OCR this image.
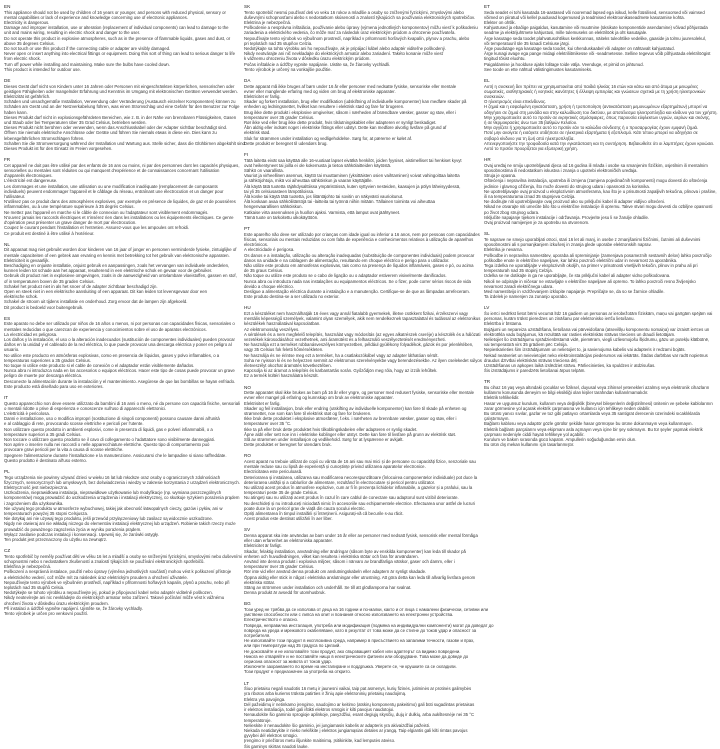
EN
This appliance should not be used by children of 16 years or younger, and persons with reduced physical, sensory or
mental capabilities or lack of experience and knowledge concerning use of electronic appliances.
Electricity is dangerous.
Damage and improper installation, use or alteration (replacement of individual components) can lead to damage to the
unit and mains wiring, resulting in electric shock and danger to the user.
Do not operate this product in explosive atmospheres, such as in the presence of flammable liquids, gases and dust, or
above 35 degrees Celsius.
Do not touch or use this product if the connecting cable or adapter are visibly damaged.
Never open or insert anything into electrical fittings or equipment. Doing this sort of thing can lead to serious danger to life
from electric shock.
Turn off power while installing and maintaining. Make sure the bulbs have cooled down.
This product is intended for outdoor use.
DE
Dieses Gerät darf nicht von Kindern unter 16 Jahren oder Personen mit eingeschränkten körperlichen, sensorischen oder
geistigen Fähigkeiten oder mangelnder Erfahrung und Kenntnis im Umgang mit elektronischen Geräten verwendet werden.
Elektrizität ist gefährlich.
Schäden und unsachgemäße Installation, Verwendung oder Veränderung (Austausch einzelner Komponenten) können zu
Schäden am Gerät und an der Netzverkabelung führen, was einen Stromschlag und eine Gefahr für den Benutzer zur Folge
haben kann.
Dieses Produkt darf nicht in explosionsgefährdeten Bereichen, wie z. B. in der Nähe von brennbaren Flüssigkeiten, Gasen
und Staub oder bei Temperaturen über 35 Grad Celsius, betrieben werden.
Dieses Produkt nicht berühren oder verwenden, wenn das Anschlusskabel oder der Adapter sichtbar beschädigt sind.
Öffnen Sie niemals elektrische Anschlüsse oder Geräte und führen Sie niemals etwas in diese ein. Dies kann zu
lebensgefährlichen Stromschlägen führen.
Schalten Sie die Stromversorgung während der Installation und Wartung aus. Stelle sicher, dass die Glühbirnen abgekühlt sind.
Dieses Produkt ist für den Einsatz im Freien vorgesehen.
FR
Cet appareil ne doit pas être utilisé par des enfants de 16 ans ou moins, ni par des personnes dont les capacités physiques,
sensorielles ou mentales sont réduites ou qui manquent d'expérience et de connaissances concernant l'utilisation
d'appareils électroniques.
L'électricité est dangereuse.
Les dommages et une installation, une utilisation ou une modification inadéquate (remplacement de composants
individuels) peuvent endommager l'appareil et le câblage du réseau, entraînant une électrocution et un danger pour
l'utilisateur.
N'utilisez pas ce produit dans des atmosphères explosives, par exemple en présence de liquides, de gaz et de poussières
inflammables, ou à une température supérieure à 35 degrés Celsius.
Ne mettez pas l'appareil en marche si le câble de connexion ou l'adaptateur sont visiblement endommagés.
N'ouvrez jamais les raccords électriques et n'insérez rien dans les installations ou les équipements électriques. Ce genre
d'opération peut présenter un grave danger de mort par électrocution.
Coupez le courant pendant l'installation et l'entretien. Assurez-vous que les ampoules ont refroidi.
Ce produit est destiné à être utilisé à l'extérieur.
NL
Dit apparaat mag niet gebruikt worden door kinderen van 16 jaar of jonger en personen verminderde fysieke, zintuiglijke of
mentale capaciteiten of een gebrek aan ervaring en kennis met betrekking tot het gebruik van elektronische apparaten.
Elektriciteit is gevaarlijk.
Beschadiging en onjuiste installatie, onjuist gebruik en aanpassingen, zoals het vervangen van individuele onderdelen,
kunnen leiden tot schade aan het apparaat, resulterend in een elektrische schok en gevaar voor de gebruiker.
Gebruik dit product niet in explosieve omgevingen, zoals in de aanwezigheid van ontvlambare vloeistoffen, gassen en stof,
of in temperaturen boven de 35 graden Celsius.
Schakel het product niet in als het snoer of de adapter zichtbaar beschadigd zijn.
Open en steek niet in een elektrische aansluiting of een apparaat. Dit kan leiden tot levensgevaar door een
elektrische schok.
Schakel de stroom uit tijdens installatie en onderhoud. Zorg ervoor dat de lampen zijn afgekoeld.
Dit product is bedoeld voor buitengebruik.
ES
Este aparato no debe ser utilizado por niños de 16 años o menos, ni por personas con capacidades físicas, sensoriales o
mentales reducidas o que carezcan de experiencia y conocimientos sobre el uso de aparatos electrónicos.
La electricidad es peligrosa.
Los daños y la instalación, el uso o la alteración inadecuados (sustitución de componentes individuales) pueden provocar
daños en la unidad y el cableado de la red eléctrica, lo que puede provocar una descarga eléctrica y poner en peligro al
usuario.
No utilice este producto en atmósferas explosivas, como en presencia de líquidos, gases y polvo inflamables, o a
temperaturas superiores a 35 grados Celsius.
No toque ni utilice este producto si el cable de conexión o el adaptador están visiblemente dañados.
Nunca abra ni introduzca nada en los accesorios o equipos eléctricos. Hacer este tipo de cosas puede provocar un grave
peligro de muerte por descarga eléctrica.
Desconecte la alimentación durante la instalación y el mantenimiento. Asegúrese de que las bombillas se hayan enfriado.
Este producto está diseñado para uso en exteriores.
IT
Questo apparecchio non deve essere utilizzato da bambini di 16 anni o meno, né da persone con capacità fisiche, sensoriali
o mentali ridotte o prive di esperienza e conoscenze sull'uso di apparecchi elettronici.
L'elettricità è pericolosa.
Danni e installazione, uso o modifica impropri (sostituzione di singoli componenti) possono causare danni all'unità
e al cablaggio di rete, provocando scosse elettriche e pericoli per l'utente.
Non utilizzare questo prodotto in ambienti esplosivi, come in presenza di liquidi, gas e polveri infiammabili, o a
temperature superiori a 35 gradi Celsius.
Non toccare o utilizzare questo prodotto se il cavo di collegamento o l'adattatore sono visibilmente danneggiati.
Non aprire o inserire nulla nei raccordi o nelle apparecchiature elettriche. Questo tipo di comportamento può
provocare gravi pericoli per la vita a causa di scosse elettriche.
Spegnere l'alimentazione durante l'installazione e la manutenzione. Assicurarsi che le lampadine si siano raffreddate.
Questo prodotto è destinato all'uso esterno.
PL
Tego urządzenia nie powinny używać dzieci w wieku 16 lat lub młodsze oraz osoby o ograniczonych zdolnościach
fizycznych, sensorycznych lub umysłowych, bez doświadczenia i wiedzy w zakresie korzystania z urządzeń elektronicznych.
Elektryczność jest niebezpieczna.
Uszkodzenia, nieprawidłowa instalacja, nieprawidłowe użytkowanie lub modyfikacje (np. wymiana poszczególnych
komponentów) mogą prowadzić do uszkodzenia urządzenia i instalacji elektrycznej, co skutkuje ryzykiem porażenia prądem
i zagrożeniem dla użytkownika.
Nie używaj tego produktu w atmosferze wybuchowej, takiej jak obecność łatwopalnych cieczy, gazów i pyłów, ani w
temperaturach powyżej 35 stopni Celsjusza.
Nie dotykaj ani nie używaj tego produktu, jeśli przewód przyłączeniowy lub zasilacz są widocznie uszkodzone.
Nigdy nie otwieraj ani nie wkładaj niczego do elementów instalacji elektrycznej lub urządzeń. Robienie takich rzeczy może
prowadzić do poważnego zagrożenia życia w wyniku porażenia prądem.
Wyłącz zasilanie podczas instalacji i konserwacji. Upewnij się, że żarówki ostygły.
Ten produkt jest przeznaczony do użytku na zewnątrz.
CZ
Tento spotřebič by neměly používat děti ve věku 16 let a mladší a osoby se sníženými fyzickými, smyslovými nebo duševními
schopnostmi nebo s nedostatkem zkušeností a znalostí týkajících se používání elektronických spotřebičů.
Elektřina je nebezpečná.
Poškození a nesprávná instalace, použití nebo úpravy (výměna jednotlivých součástí) mohou vést k poškození přístroje
a elektrického vedení, což může mít za následek úraz elektrickým proudem a ohrožení uživatele.
Nepoužívejte tento výrobek ve výbušném prostředí, například v přítomnosti hořlavých kapalin, plynů a prachu, nebo při
teplotách nad 35 stupňů Celsia.
Nedotýkejte se tohoto výrobku a nepoužívejte jej, pokud je připojovací kabel nebo adaptér viditelně poškozen.
Nikdy neotevírejte ani nic nevkládejte do elektrických armatur nebo zařízení. Takové počínání může vést k vážnému
ohrožení života v důsledku úrazu elektrickým proudem.
Při instalaci a údržbě vypněte napájení. Ujistěte se, že žárovky vychladly.
Tento výrobek je určen pro venkovní použití.
SK
Tento spotrebič nesmú používať deti vo veku 16 rokov a mladšie a osoby so zníženými fyzickými, zmyslovými alebo
duševnými schopnosťami alebo s nedostatkom skúseností a znalostí týkajúcich sa používania elektronických spotrebičov.
Elektrina je nebezpečná.
Poškodenie a nesprávna inštalácia, používanie alebo úpravy (výmena jednotlivých komponentov) môžu viesť k poškodeniu
zariadenia a elektrického vedenia, čo môže mať za následok úraz elektrickým prúdom a ohrozenie používateľa.
Nepoužívajte tento výrobok vo výbušnom prostredí, napríklad v prítomnosti horľavých kvapalín, plynov a prachu, alebo
pri teplotách nad 35 stupňov Celzia.
Nedotýkajte sa tohto výrobku ani ho nepoužívajte, ak je pripájací kábel alebo adaptér viditeľne poškodený.
Nikdy neotvárajte ani nič nevkladajte do elektrických armatúr alebo zariadení. Takéto konanie môže viesť
k vážnemu ohrozeniu života v dôsledku úrazu elektrickým prúdom.
Počas inštalácie a údržby vypnite napájanie. Uistite sa, že žiarovky vychladli.
Tento výrobok je určený na vonkajšie použitie.
DA
Dette apparat må ikke bruges af børn under 16 år eller personer med nedsatte fysiske, sensoriske eller mentale
evner eller manglende erfaring med og viden om brug af elektroniske apparater.
Elektricitet er farlig.
Skader og forkert installation, brug eller modifikation (udskiftning af individuelle komponenter) kan medføre skader på
enheden og ledningsnettet, hvilket kan resultere i elektrisk stød og fare for brugeren.
Brug ikke dette produkt i eksplosive omgivelser, såsom i nærheden af brændbare væsker, gasser og støv, eller i
temperaturer over 35 grader Celsius.
Rør ikke ved eller brug ikke dette produkt, hvis tilslutningskablet eller adapteren er synligt beskadiget.
Åbn aldrig eller indsæt noget i elektriske fittings eller udstyr. Dette kan medføre alvorlig livsfare på grund af
elektrisk stød.
Sluk for strømmen under installation og vedligeholdelse. Sørg for, at pærerne er kølet af.
Dette produkt er beregnet til udendørs brug.
FI
Tätä laitetta eivät saa käyttää alle 16-vuotiaat lapset eivätkä henkilöt, joiden fyysiset, aistimelliset tai henkiset kyvyt
ovat heikentyneet tai joilla ei ole kokemusta ja tietoa sähkölaitteiden käytöstä.
Sähkö on vaarallista.
Vauriot ja virheellinen asennus, käyttö tai muuttaminen (yksittäisten osien vaihtaminen) voivat vahingoittaa laitetta
ja sähköjohtoja, mikä voi aiheuttaa sähköiskun ja vaaran käyttäjälle.
Älä käytä tätä tuotetta räjähdysalttiissa ympäristöissä, kuten syttyvien nesteiden, kaasujen ja pölyn läheisyydessä,
tai yli 35 celsiusasteen lämpötiloissa.
Älä koske tai käytä tätä tuotetta, jos liitäntäjohto tai sovitin on näkyvästi vaurioitunut.
Älä koskaan avaa sähköliitäntöjä tai -laitteita tai työnnä niihin mitään. Tällainen toiminta voi aiheuttaa
hengenvaarallisen sähköiskun.
Katkaise virta asennuksen ja huollon ajaksi. Varmista, että lamput ovat jäähtyneet.
Tämä tuote on tarkoitettu ulkokäyttöön.
PT
Este aparelho não deve ser utilizado por crianças com idade igual ou inferior a 16 anos, nem por pessoas com capacidades
físicas, sensoriais ou mentais reduzidas ou com falta de experiência e conhecimentos relativos à utilização de aparelhos
electrónicos.
A electricidade é perigosa.
Os danos e a instalação, utilização ou alteração inadequadas (substituição de componentes individuais) podem provocar
danos na unidade e na cablagem de alimentação, resultando em choque eléctrico e perigo para o utilizador.
Não utilize este produto em atmosferas explosivas, tais como na presença de líquidos inflamáveis, gases e pó, ou acima
de 35 graus Celsius.
Não toque ou utilize este produto se o cabo de ligação ou o adaptador estiverem visivelmente danificados.
Nunca abra ou introduza nada nas instalações ou equipamentos eléctricos. Se o fizer, pode correr sérios riscos de vida
devido a choque eléctrico.
Desligue a alimentação eléctrica durante a instalação e a manutenção. Certifique-se de que as lâmpadas arrefeceram.
Este produto destina-se a ser utilizado no exterior.
HU
Ezt a készüléket nem használhatják 16 éves vagy annál fiatalabb gyermekek, illetve csökkent fizikai, érzékszervi vagy
mentális képességű személyek, valamint olyan személyek, akik nem rendelkeznek tapasztalattal és tudással az elektronikus
készülékek használatával kapcsolatban.
Az elektromosság veszélyes.
A sérülések és a nem megfelelő telepítés, használat vagy módosítás (az egyes alkatrészek cseréje) a készülék és a hálózati
vezetékek károsodásához vezethetnek, ami áramütést és a felhasználó veszélyeztetését eredményezheti.
Ne használja ezt a terméket robbanásveszélyes környezetben, például gyúlékony folyadékok, gázok és por jelenlétében,
vagy 35 Celsius fok feletti hőmérsékleten.
Ne használja és ne érintse meg ezt a terméket, ha a csatlakozókábel vagy az adapter láthatóan sérült.
Soha ne nyisson ki és ne helyezzen semmit az elektromos szerelvényekbe vagy berendezésekbe. Az ilyen cselekedet súlyos
életveszélyt okozhat áramütés következtében.
Kapcsolja ki az áramot a telepítés és karbantartás során. Győződjön meg róla, hogy az izzók lehűltek.
Ez a termék kültéri használatra készült.
NO
Dette apparatet skal ikke brukes av barn på 16 år eller yngre, og personer med redusert fysiske, sensoriske eller mentale
evner eller mangel på erfaring og kunnskap om bruk av elektroniske apparater.
Elektrisitet er farlig.
Skader og feil installasjon, bruk eller endring (utskifting av individuelle komponenter) kan føre til skade på enheten og
strømnettet, noe som kan føre til elektrisk støt og fare for brukeren.
Ikke bruk dette produktet i eksplosive atmosfærer, f.eks. i nærheten av brennbare væsker, gasser og støv, eller i
temperaturer over 35 °C.
Ikke ta på eller bruk dette produktet hvis tilkoblingskabelen eller adapteren er synlig skadet.
Åpne aldri eller sett noe inn i elektriske koblinger eller utstyr. Dette kan føre til livsfare på grunn av elektrisk støt.
Slå av strømmen under installasjon og vedlikehold. Sørg for at lyspærene er avkjølt.
Dette produktet er beregnet for utendørs bruk.
RO
Acest aparat nu trebuie utilizat de copii cu vârsta de 16 ani sau mai mici și de persoane cu capacități fizice, senzoriale sau
mentale reduse sau cu lipsă de experiență și cunoștințe privind utilizarea aparatelor electronice.
Electricitatea este periculoasă.
Deteriorarea și instalarea, utilizarea sau modificarea necorespunzătoare (înlocuirea componentelor individuale) pot duce la
deteriorarea unității și a cablurilor de alimentare, rezultând în electrocutare și pericol pentru utilizator.
Nu utilizați acest produs în atmosfere explozive, cum ar fi în prezența lichidelor inflamabile, a gazelor și a prafului, sau la
temperaturi peste 35 de grade Celsius.
Nu atingeți sau nu utilizați acest produs în cazul în care cablul de conectare sau adaptorul sunt vizibil deteriorate.
Nu deschideți și nu introduceți niciodată nimic în accesoriile sau echipamentele electrice. Efectuarea unor astfel de lucruri
poate duce la un pericol grav de viață din cauza șocului electric.
Opriți alimentarea în timpul instalării și întreținerii. Asigurați-vă că becurile s-au răcit.
Acest produs este destinat utilizării în aer liber.
SV
Denna apparat ska inte användas av barn under 16 år eller av personer med nedsatt fysisk, sensorisk eller mental förmåga
eller utan erfarenhet av elektroniska apparater.
Elektricitet är farligt.
Skador, felaktig installation, användning eller ändringar (såsom byte av enskilda komponenter) kan leda till skador på
enheten och huvudledningen, vilket kan resultera i elektriska stötar och fara för användaren.
Använd inte denna produkt i explosiva miljöer, såsom i närvaro av brandfarliga vätskor, gaser och damm, eller i
temperaturer över 35 grader Celsius.
Rör inte vid eller använd denna produkt om anslutningskabeln eller adaptern är synligt skadade.
Öppna aldrig eller stick in något i elektriska anslutningar eller utrustning. Att göra detta kan leda till allvarlig livsfara genom
elektriska stötar.
Stäng av strömmen under installation och underhåll. Se till att glödlamporna har svalnat.
Denna produkt är avsedd för utomhusbruk.
BG
Този уред не трябва да се използва от деца на 16 години и по-малки, както и от лица с намалени физически, сетивни или
умствени способности или с липса на опит и познания относно използването на електронни устройства.
Електричеството е опасно.
Повреда, неправилна инсталация, употреба или модификация (подмяна на индивидуални компоненти) могат да доведат до
повреда на уреда и мрежовото окабеляване, като в резултат от това може да се стигне до токов удар и опасност за
потребителя.
Не използвайте този продукт в експлозивна среда, например в присъствието на запалими течности, газове и прах,
или при температури над 35 градуса по Целзий.
Не докосвайте и не използвайте този продукт, ако свързващият кабел или адаптерът са видимо повредени.
Никога не отваряйте и не поставяйте нищо в електрическите фитинги или оборудване. Това може да доведе до
сериозна опасност за живота от токов удар.
Изключете захранването по време на инсталиране и поддръжка. Уверете се, че крушките са се охладили.
Този продукт е предназначен за употреба на открито.
LT
Šiuo prietaisu negali naudotis 16 metų ir jaunesni vaikai, taip pat asmenys, kurių fizinės, jutiminės ar protinės galimybės
yra ribotos arba kuriems trūksta patirties ir žinių apie elektroninių prietaisų naudojimą.
Elektra yra pavojinga.
Dėl pažeidimų ir netinkamo įrengimo, naudojimo ar keitimo (atskirų komponentų pakeitimo) gali būti sugadintas prietaisas
ir elektros instaliacija, todėl gali ištikti elektros smūgis ir kilti pavojus naudotojui.
Nenaudokite šio gaminio sprogioje aplinkoje, pavyzdžiui, esant degiųjų skysčių, dujų ir dulkių, arba aukštesnėje nei 35 °C
temperatūroje.
Nelieskite ir nenaudokite šio gaminio, jei jungiamasis kabelis ar adapteris yra akivaizdžiai pažeisti.
Niekada neatidarykite ir nieko nekiškite į elektros jungiamąsias detales ar įrangą. Taip elgiantis gali kilti rimtas pavojus
gyvybei dėl elektros smūgio.
Įrengimo ir priežiūros metu išjunkite maitinimą. Įsitikinkite, kad lemputės atvėso.
Šis gaminys skirtas naudoti lauke.
ET
Seda seadet ei tohi kasutada 16-aastased või nooremad lapsed ega isikud, kelle füüsilised, sensoorsed või vaimsed
võimed on piiratud või kellel puuduvad kogemused ja teadmised elektroonikaseadmete kasutamise kohta.
Elekter on ohtlik.
Kahjustused ja ebaõige paigaldus, kasutamine või muutmine (üksikute komponentide asendamine) võivad põhjustada
seadme ja elektrijuhtmete kahjustusi, mille tulemuseks on elektrilöök ja oht kasutajale.
Ärge kasutage seda toodet plahvatusohtlikus keskkonnas, näiteks tuleohtlike vedelike, gaaside ja tolmu juuresolekul,
või temperatuuril üle 35 kraadi Celsiuse järgi.
Ärge puudutage ega kasutage seda toodet, kui ühenduskaabel või adapter on nähtavalt kahjustatud.
Ärge kunagi avage ega pange midagi elektriliitmikesse või -seadmetesse. Selline tegevus võib põhjustada elektrilöögist
tingitud tõsist eluohtu.
Paigaldamise ja hoolduse ajaks lülitage toide välja. Veenduge, et pirnid on jahtunud.
See toode on ette nähtud välistingimustes kasutamiseks.
EL
Αυτή η συσκευή δεν πρέπει να χρησιμοποιείται από παιδιά ηλικίας 16 ετών και κάτω και από άτομα με μειωμένες
σωματικές, αισθητηριακές ή νοητικές ικανότητες ή έλλειψη εμπειρίας και γνώσεων σχετικά με τη χρήση ηλεκτρονικών
συσκευών.
Ο ηλεκτρισμός είναι επικίνδυνος.
Η ζημιά και η εσφαλμένη εγκατάσταση, χρήση ή τροποποίηση (αντικατάσταση μεμονωμένων εξαρτημάτων) μπορεί να
οδηγήσει σε ζημιά στη μονάδα και στην καλωδίωση του δικτύου, με αποτέλεσμα ηλεκτροπληξία και κίνδυνο για τον χρήστη.
Μην χρησιμοποιείτε αυτό το προϊόν σε εκρηκτικές ατμόσφαιρες, όπως παρουσία εύφλεκτων υγρών, αερίων και σκόνης,
ή σε θερμοκρασίες άνω των 35 βαθμών Κελσίου.
Μην αγγίζετε ή χρησιμοποιείτε αυτό το προϊόν εάν το καλώδιο σύνδεσης ή ο προσαρμογέας έχουν εμφανή ζημιά.
Ποτέ μην ανοίγετε ή εισάγετε οτιδήποτε σε ηλεκτρικά εξαρτήματα ή εξοπλισμό. Κάτι τέτοιο μπορεί να οδηγήσει σε
σοβαρό κίνδυνο για τη ζωή από ηλεκτροπληξία.
Απενεργοποιήστε την τροφοδοσία κατά την εγκατάσταση και τη συντήρηση. Βεβαιωθείτε ότι οι λαμπτήρες έχουν κρυώσει.
Αυτό το προϊόν προορίζεται για εξωτερική χρήση.
HR
Ovaj uređaj ne smiju upotrebljavati djeca od 16 godina ili mlađa i osobe sa smanjenim fizičkim, osjetilnim ili mentalnim
sposobnostima ili nedostatkom iskustva i znanja o upotrebi elektroničkih uređaja.
Struja je opasna.
Oštećenja i nepravilna instalacija, upotreba ili izmjena (zamjena pojedinačnih komponenti) mogu dovesti do oštećenja
jedinice i glavnog ožičenja, što može dovesti do strujnog udara i opasnosti za korisnika.
Ne upotrebljavajte ovaj proizvod u eksplozivnim atmosferama, kao što je u prisutnosti zapaljivih tekućina, plinova i prašine,
ili na temperaturama iznad 35 stupnjeva Celzija.
Ne dodirujte niti upotrebljavajte ovaj proizvod ako su priključni kabel ili adapter vidljivo oštećeni.
Nikad ne otvarajte niti umećite bilo što u električne instalacije ili opremu. Takve stvari mogu dovesti do ozbiljne opasnosti
po život zbog strujnog udara.
Isključite napajanje tijekom instalacije i održavanja. Provjerite jesu li se žarulje ohladile.
Ovaj proizvod namijenjen je za upotrebu na otvorenom.
SL
Te naprave ne smejo uporabljati otroci, stari 16 let ali manj, in osebe z zmanjšanimi fizičnimi, čutnimi ali duševnimi
sposobnostmi ali s pomanjkanjem izkušenj in znanja glede uporabe elektronskih naprav.
Elektrika je nevarna.
Poškodbe in nepravilna namestitev, uporaba ali spreminjanje (zamenjava posameznih sestavnih delov) lahko povzročijo
poškodbe enote in električne napeljave, kar lahko povzroči električni udar in nevarnost za uporabnika.
Tega izdelka ne uporabljajte v eksplozivnih okoljih, na primer v prisotnosti vnetljivih tekočin, plinov in prahu ali pri
temperaturah nad 35 stopinj Celzija.
Izdelka se ne dotikajte in ga ne uporabljajte, če sta priključni kabel ali adapter vidno poškodovana.
Nikoli ne odpirajte in ničesar ne vstavljajte v električne napeljave ali opremo. To lahko povzroči resno življenjsko
nevarnost zaradi električnega udara.
Med namestitvijo in vzdrževanjem izklopite napajanje. Prepričajte se, da so se žarnice ohladile.
Ta izdelek je namenjen za zunanjo uporabo.
LV
Šo ierīci nedrīkst lietot bērni vecumā līdz 16 gadiem un personas ar ierobežotām fiziskām, maņu vai garīgām spējām vai
personas, kurām trūkst pieredzes un zināšanu par elektronisko ierīču lietošanu.
Elektrība ir bīstama.
Bojājumi un nepareiza uzstādīšana, lietošana vai pārveidošana (atsevišķu komponentu nomaiņa) var izraisīt ierīces un
elektrotīkla vadu bojājumus, kā rezultātā var rasties elektriskās strāvas trieciens un draudi lietotājam.
Nelietojiet šo izstrādājumu sprādzienbīstamā vidē, piemēram, viegli uzliesmojošu šķidrumu, gāzu un putekļu klātbūtnē,
vai temperatūrā virs 35 grādiem pēc Celsija.
Nepieskarieties šim izstrādājumam un nelietojiet to, ja savienojuma kabelis vai adapteris ir redzami bojāts.
Nekad neatveriet un neievietojiet neko elektroinstalācijas piederumos vai iekārtās. Šādas darbības var radīt nopietnus
draudus dzīvībai elektriskās strāvas trieciena dēļ.
Uzstādīšanas un apkopes laikā izslēdziet strāvu. Pārliecinieties, ka spuldzes ir atdzisušas.
Šis izstrādājums ir paredzēts lietošanai ārpus telpām.
TR
Bu cihaz 16 yaş veya altındaki çocuklar ve fiziksel, duyusal veya zihinsel yetenekleri azalmış veya elektronik cihazların
kullanımı konusunda deneyim ve bilgi eksikliği olan kişiler tarafından kullanılmamalıdır.
Elektrik tehlikelidir.
Hasar ve uygunsuz kurulum, kullanım veya değişiklik (bireysel bileşenlerin değiştirilmesi) ünitenin ve şebeke kablolarının
zarar görmesine yol açarak elektrik çarpmasına ve kullanıcı için tehlikeye neden olabilir.
Bu ürünü yanıcı sıvılar, gazlar ve toz gibi patlayıcı ortamlarda veya 35 santigrat derecenin üzerindeki sıcaklıklarda
çalıştırmayın.
Bağlantı kablosu veya adaptör gözle görülür şekilde hasar görmüşse bu ürüne dokunmayın veya kullanmayın.
Elektrik bağlantı parçalarını veya ekipmanı asla açmayın veya içine bir şey sokmayın. Bu tür şeyler yapmak elektrik
çarpması nedeniyle ciddi hayati tehlikeye yol açabilir.
Kurulum ve bakım sırasında gücü kapatın. Ampullerin soğuduğundan emin olun.
Bu ürün dış mekan kullanımı için tasarlanmıştır.
